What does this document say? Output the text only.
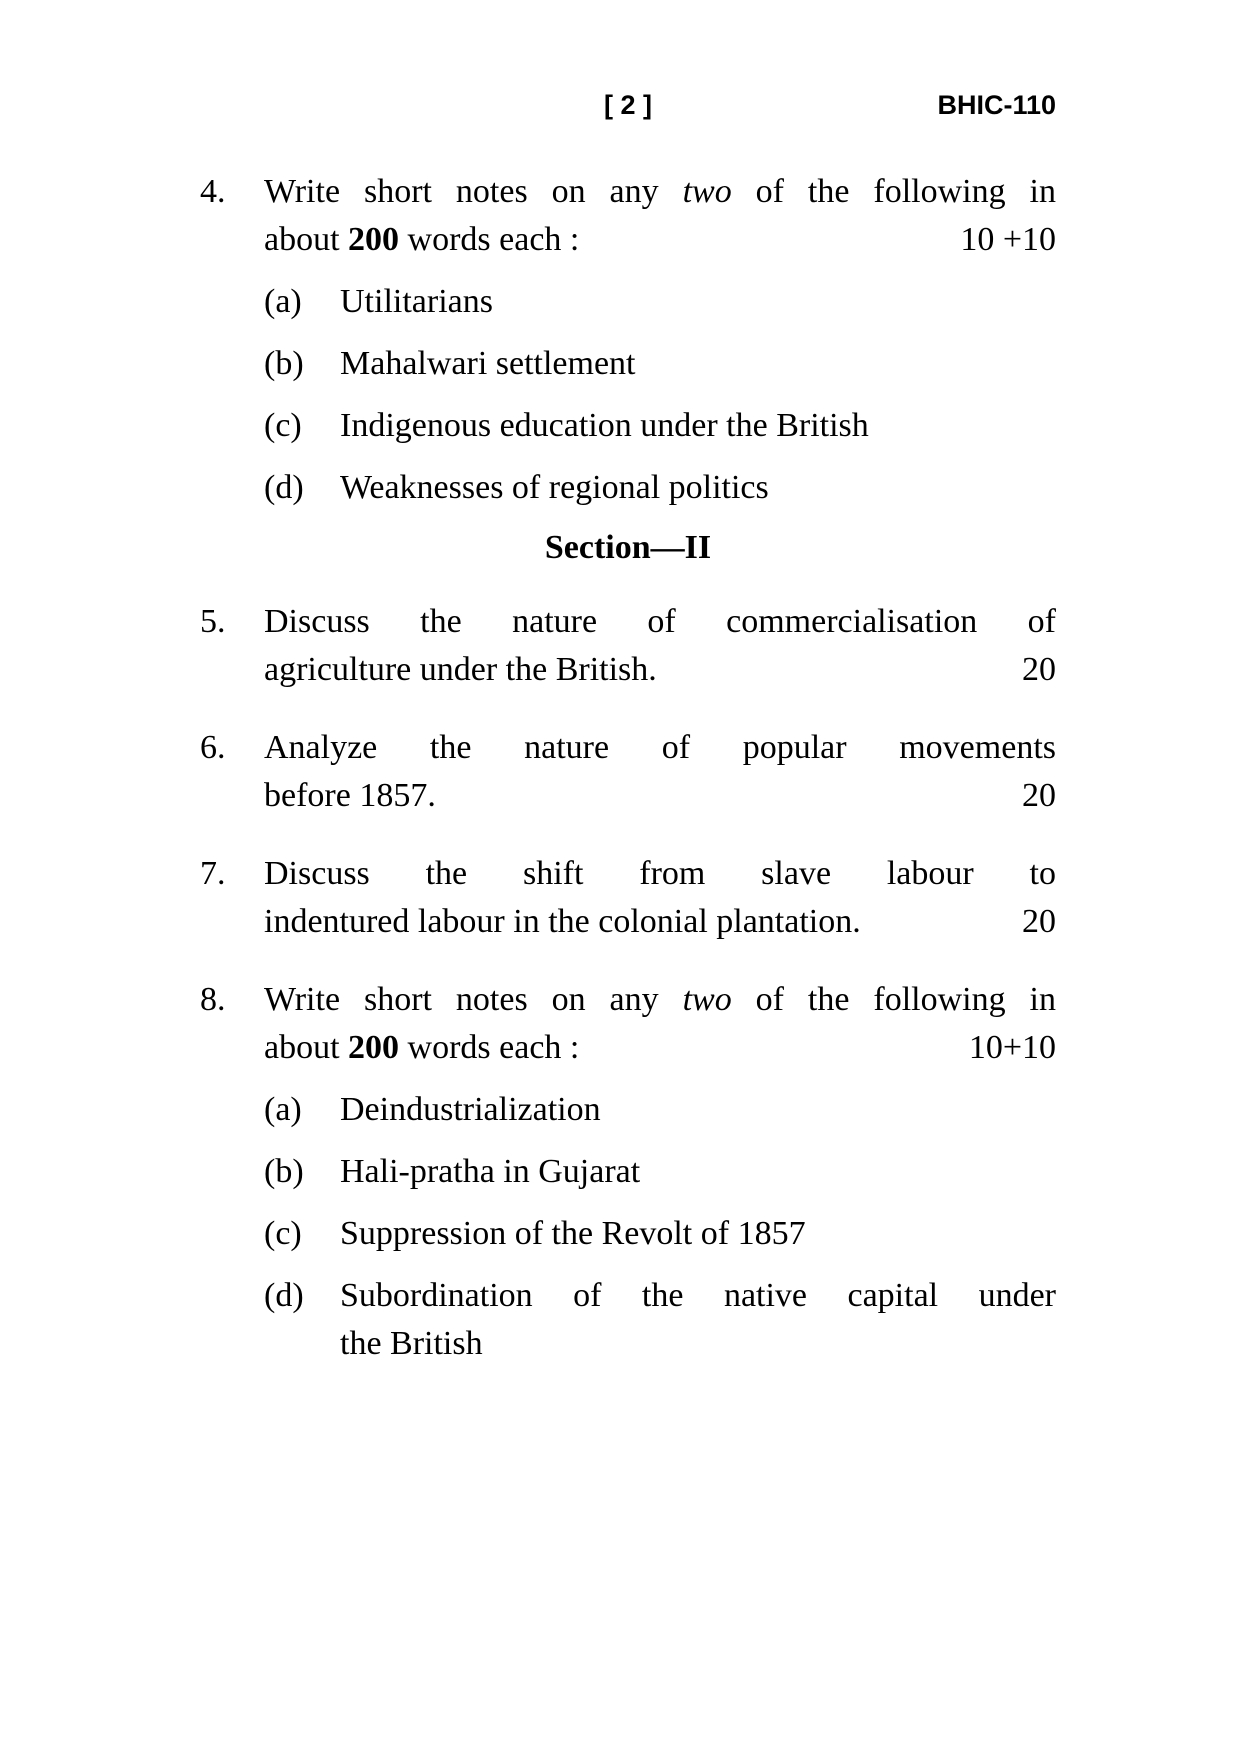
[ 2 ]	BHIC-110
4.	Write short notes on any two of the following in

about 200 words each :	10 +10

(a)	Utilitarians
(b)	Mahalwari settlement
(c)	Indigenous education under the British
(d)	Weaknesses of regional politics
Section—II
5.	Discuss the nature of commercialisation of

agriculture under the British.	20

6.	Analyze the nature of popular movements

before 1857.	20

7.	Discuss the shift from slave labour to

indentured labour in the colonial plantation.	20

8.	Write short notes on any two of the following in

about 200 words each :	10+10

(a)	Deindustrialization
(b)	Hali-pratha in Gujarat
(c)	Suppression of the Revolt of 1857
(d)	Subordination of the native capital under
the British
